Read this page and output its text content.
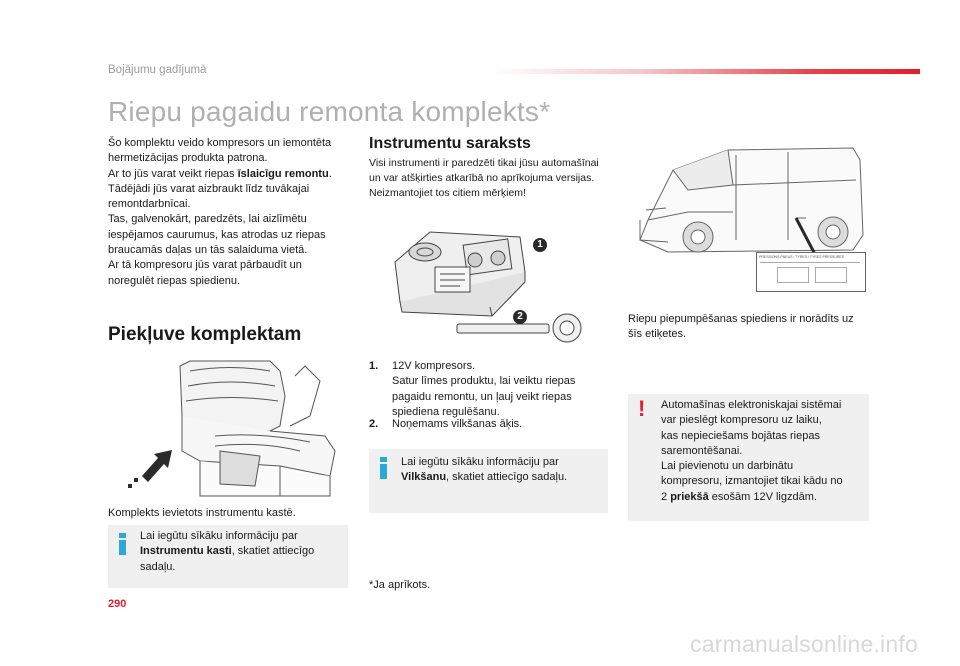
Bojājumu gadījumā
Riepu pagaidu remonta komplekts*
Šo komplektu veido kompresors un iemontēta
hermetizācijas produkta patrona.
Ar to jūs varat veikt riepas īslaicīgu remontu.
Tādējādi jūs varat aizbraukt līdz tuvākajai
remontdarbnīcai.
Tas, galvenokārt, paredzēts, lai aizlīmētu
iespējamos caurumus, kas atrodas uz riepas
braucamās daļas un tās salaiduma vietā.
Ar tā kompresoru jūs varat pārbaudīt un
noregulēt riepas spiedienu.
Piekļuve komplektam
Komplekts ievietots instrumentu kastē.
Lai iegūtu sīkāku informāciju par
Instrumentu kasti, skatiet attiecīgo
sadaļu.
Instrumentu saraksts
Visi instrumenti ir paredzēti tikai jūsu automašīnai
un var atšķirties atkarībā no aprīkojuma versijas.
Neizmantojiet tos citiem mērķiem!
1
2
1. 12V kompresors.
Satur līmes produktu, lai veiktu riepas
pagaidu remontu, un ļauj veikt riepas
spiediena regulēšanu.
2. Noņemams vilkšanas āķis.
Lai iegūtu sīkāku informāciju par
Vilkšanu, skatiet attiecīgo sadaļu.
*Ja aprīkots.
PRESSIONS PNEUS / TYRES / TYRES PRESSURES
Riepu piepumpēšanas spiediens ir norādīts uz
šīs etiķetes.
! Automašīnas elektroniskajai sistēmai
var pieslēgt kompresoru uz laiku,
kas nepieciešams bojātas riepas
saremontēšanai.
Lai pievienotu un darbinātu
kompresoru, izmantojiet tikai kādu no
2 priekšā esošām 12V ligzdām.
290
carmanualsonline.info
